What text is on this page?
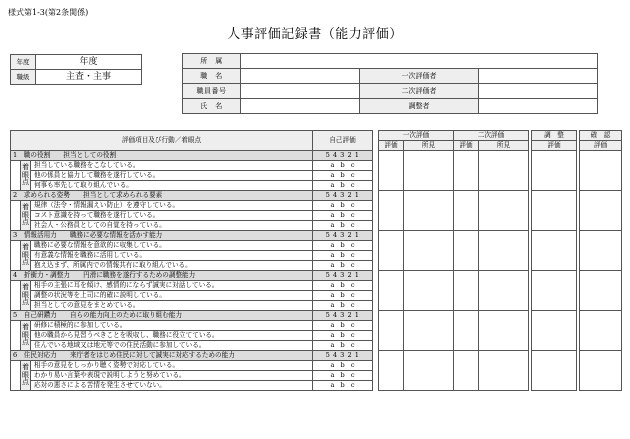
様式第1-3(第2条関係)
人事評価記録書（能力評価）
年度	年度
職級	主査・主事
所　属			
職　名		一次評価者	
職員番号		二次評価者	
氏　名		調整者	
評価項目及び行動／着眼点			自己評価		一次評価		二次評価			調　整		確　認
					評価	所見	評価	所見		評価		評価
1　職の役割　　担当としての役割			5 4 3 2 1									
	着眼点	担当している職務をこなしている。	a b c									
		他の係員と協力して職務を遂行している。	a b c									
		何事も率先して取り組んでいる。	a b c									
2　求められる姿勢　　担当として求められる要素			5 4 3 2 1									
	着眼点	規律（法令・情報漏えい防止）を遵守している。	a b c									
		コスト意識を持って職務を遂行している。	a b c									
		社会人・公務員としての自覚を持っている。	a b c									
3　情報活用力　　職務に必要な情報を活かす能力			5 4 3 2 1									
	着眼点	職務に必要な情報を意欲的に収集している。	a b c									
		有意義な情報を職務に活用している。	a b c									
		抱え込まず、所属内での情報共有に取り組んでいる。	a b c									
4　折衝力・調整力　　円滑に職務を遂行するための調整能力			5 4 3 2 1									
	着眼点	相手の主張に耳を傾け、感情的にならず誠実に対話している。	a b c									
		調整の状況等を上司に的確に説明している。	a b c									
		担当としての意見をまとめている。	a b c									
5　自己研鑽力　　自らの能力向上のために取り組む能力			5 4 3 2 1									
	着眼点	研修に積極的に参加している。	a b c									
		他の職員から見習うべきことを吸収し、職務に役立てている。	a b c									
		住んでいる地域又は地元等での住民活動に参加している。	a b c									
6　住民対応力　　来庁者をはじめ住民に対して誠実に対応するための能力			5 4 3 2 1									
	着眼点	相手の意見をしっかり聴く姿勢で対応している。	a b c									
		わかり易い言葉や表現で説明しようと努めている。	a b c									
		応対の悪さによる苦情を発生させていない。	a b c									
